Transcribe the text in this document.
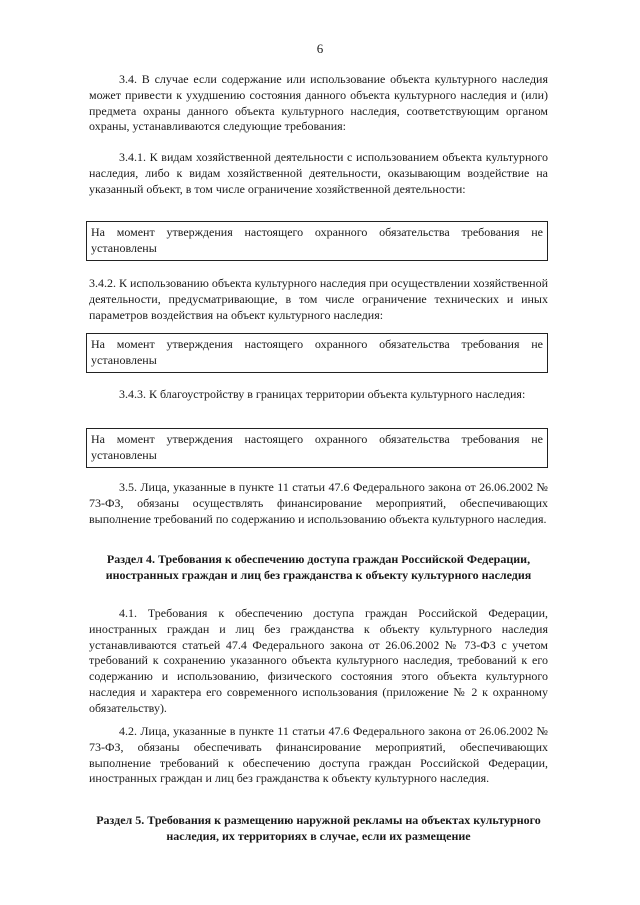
6
3.4. В случае если содержание или использование объекта культурного наследия может привести к ухудшению состояния данного объекта культурного наследия и (или) предмета охраны данного объекта культурного наследия, соответствующим органом охраны, устанавливаются следующие требования:
3.4.1. К видам хозяйственной деятельности с использованием объекта культурного наследия, либо к видам хозяйственной деятельности, оказывающим воздействие на указанный объект, в том числе ограничение хозяйственной деятельности:
На момент утверждения настоящего охранного обязательства требования не установлены
3.4.2. К использованию объекта культурного наследия при осуществлении хозяйственной деятельности, предусматривающие, в том числе ограничение технических и иных параметров воздействия на объект культурного наследия:
На момент утверждения настоящего охранного обязательства требования не установлены
3.4.3. К благоустройству в границах территории объекта культурного наследия:
На момент утверждения настоящего охранного обязательства требования не установлены
3.5. Лица, указанные в пункте 11 статьи 47.6 Федерального закона от 26.06.2002 № 73-ФЗ, обязаны осуществлять финансирование мероприятий, обеспечивающих выполнение требований по содержанию и использованию объекта культурного наследия.
Раздел 4. Требования к обеспечению доступа граждан Российской Федерации, иностранных граждан и лиц без гражданства к объекту культурного наследия
4.1. Требования к обеспечению доступа граждан Российской Федерации, иностранных граждан и лиц без гражданства к объекту культурного наследия устанавливаются статьей 47.4 Федерального закона от 26.06.2002 № 73-ФЗ с учетом требований к сохранению указанного объекта культурного наследия, требований к его содержанию и использованию, физического состояния этого объекта культурного наследия и характера его современного использования (приложение № 2 к охранному обязательству).
4.2. Лица, указанные в пункте 11 статьи 47.6 Федерального закона от 26.06.2002 № 73-ФЗ, обязаны обеспечивать финансирование мероприятий, обеспечивающих выполнение требований к обеспечению доступа граждан Российской Федерации, иностранных граждан и лиц без гражданства к объекту культурного наследия.
Раздел 5. Требования к размещению наружной рекламы на объектах культурного наследия, их территориях в случае, если их размещение
